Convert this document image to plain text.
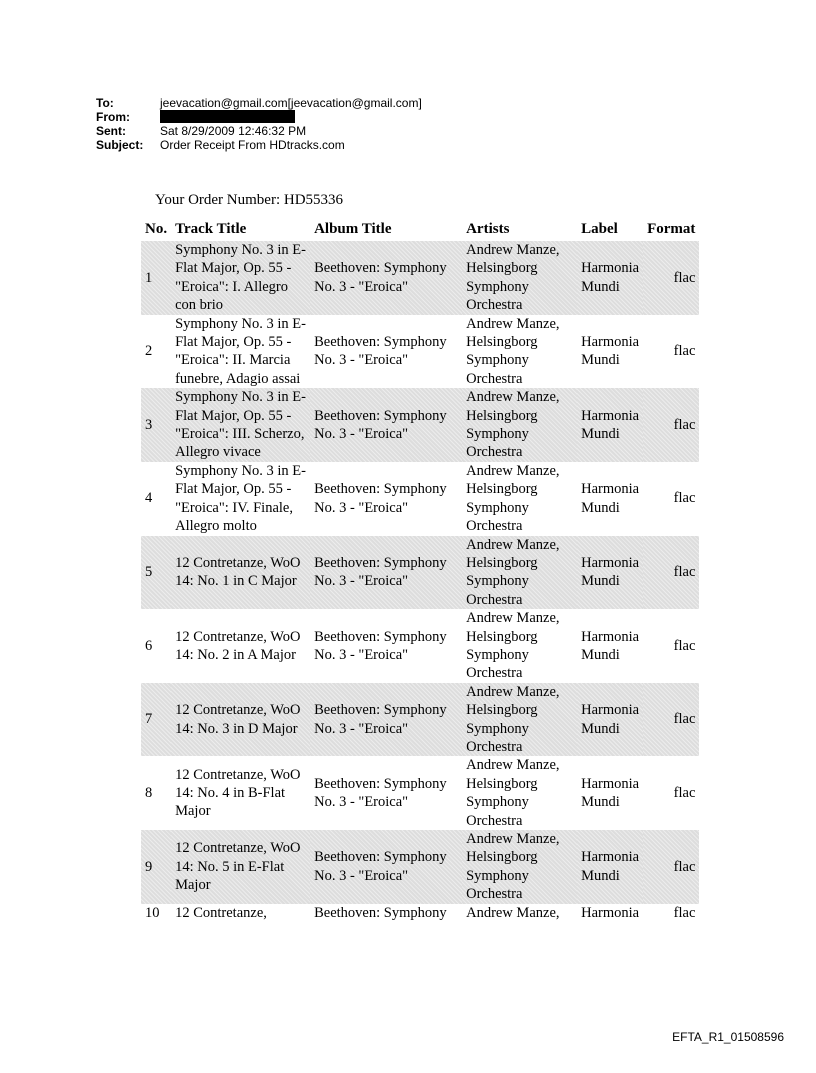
To:	jeevacation@gmail.com[jeevacation@gmail.com]
From:
Sent:	Sat 8/29/2009 12:46:32 PM
Subject:	Order Receipt From HDtracks.com
Your Order Number: HD55336
No.	Track Title	Album Title	Artists	Label	Format
1	Symphony No. 3 in E-Flat Major, Op. 55 - "Eroica": I. Allegro con brio	Beethoven: Symphony No. 3 - "Eroica"	Andrew Manze, Helsingborg Symphony Orchestra	Harmonia Mundi	flac
2	Symphony No. 3 in E-Flat Major, Op. 55 - "Eroica": II. Marcia funebre, Adagio assai	Beethoven: Symphony No. 3 - "Eroica"	Andrew Manze, Helsingborg Symphony Orchestra	Harmonia Mundi	flac
3	Symphony No. 3 in E-Flat Major, Op. 55 - "Eroica": III. Scherzo, Allegro vivace	Beethoven: Symphony No. 3 - "Eroica"	Andrew Manze, Helsingborg Symphony Orchestra	Harmonia Mundi	flac
4	Symphony No. 3 in E-Flat Major, Op. 55 - "Eroica": IV. Finale, Allegro molto	Beethoven: Symphony No. 3 - "Eroica"	Andrew Manze, Helsingborg Symphony Orchestra	Harmonia Mundi	flac
5	12 Contretanze, WoO 14: No. 1 in C Major	Beethoven: Symphony No. 3 - "Eroica"	Andrew Manze, Helsingborg Symphony Orchestra	Harmonia Mundi	flac
6	12 Contretanze, WoO 14: No. 2 in A Major	Beethoven: Symphony No. 3 - "Eroica"	Andrew Manze, Helsingborg Symphony Orchestra	Harmonia Mundi	flac
7	12 Contretanze, WoO 14: No. 3 in D Major	Beethoven: Symphony No. 3 - "Eroica"	Andrew Manze, Helsingborg Symphony Orchestra	Harmonia Mundi	flac
8	12 Contretanze, WoO 14: No. 4 in B-Flat Major	Beethoven: Symphony No. 3 - "Eroica"	Andrew Manze, Helsingborg Symphony Orchestra	Harmonia Mundi	flac
9	12 Contretanze, WoO 14: No. 5 in E-Flat Major	Beethoven: Symphony No. 3 - "Eroica"	Andrew Manze, Helsingborg Symphony Orchestra	Harmonia Mundi	flac
10	12 Contretanze,	Beethoven: Symphony	Andrew Manze,	Harmonia	flac
EFTA_R1_01508596
